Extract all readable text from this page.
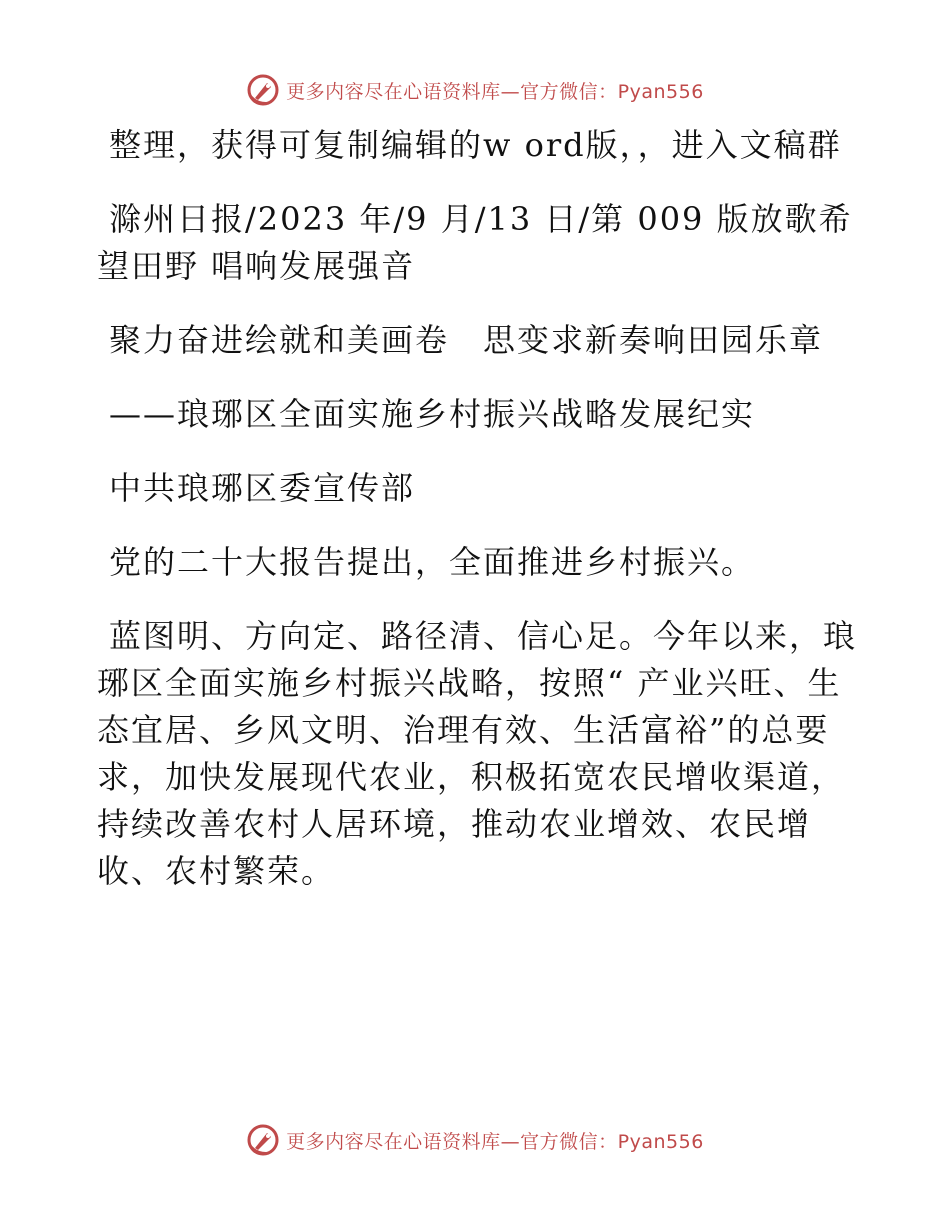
更多内容尽在心语资料库—官方微信：Pyan556

整理，获得可复制编辑的w ord版，，进入文稿群

滁州日报/2023 年/9 月/13 日/第 009 版放歌希望田野 唱响发展强音

聚力奋进绘就和美画卷　思变求新奏响田园乐章

——琅琊区全面实施乡村振兴战略发展纪实

中共琅琊区委宣传部

党的二十大报告提出，全面推进乡村振兴。

蓝图明、方向定、路径清、信心足。今年以来，琅琊区全面实施乡村振兴战略，按照“ 产业兴旺、生态宜居、乡风文明、治理有效、生活富裕”的总要求，加快发展现代农业，积极拓宽农民增收渠道，持续改善农村人居环境，推动农业增效、农民增收、农村繁荣。

更多内容尽在心语资料库—官方微信：Pyan556
